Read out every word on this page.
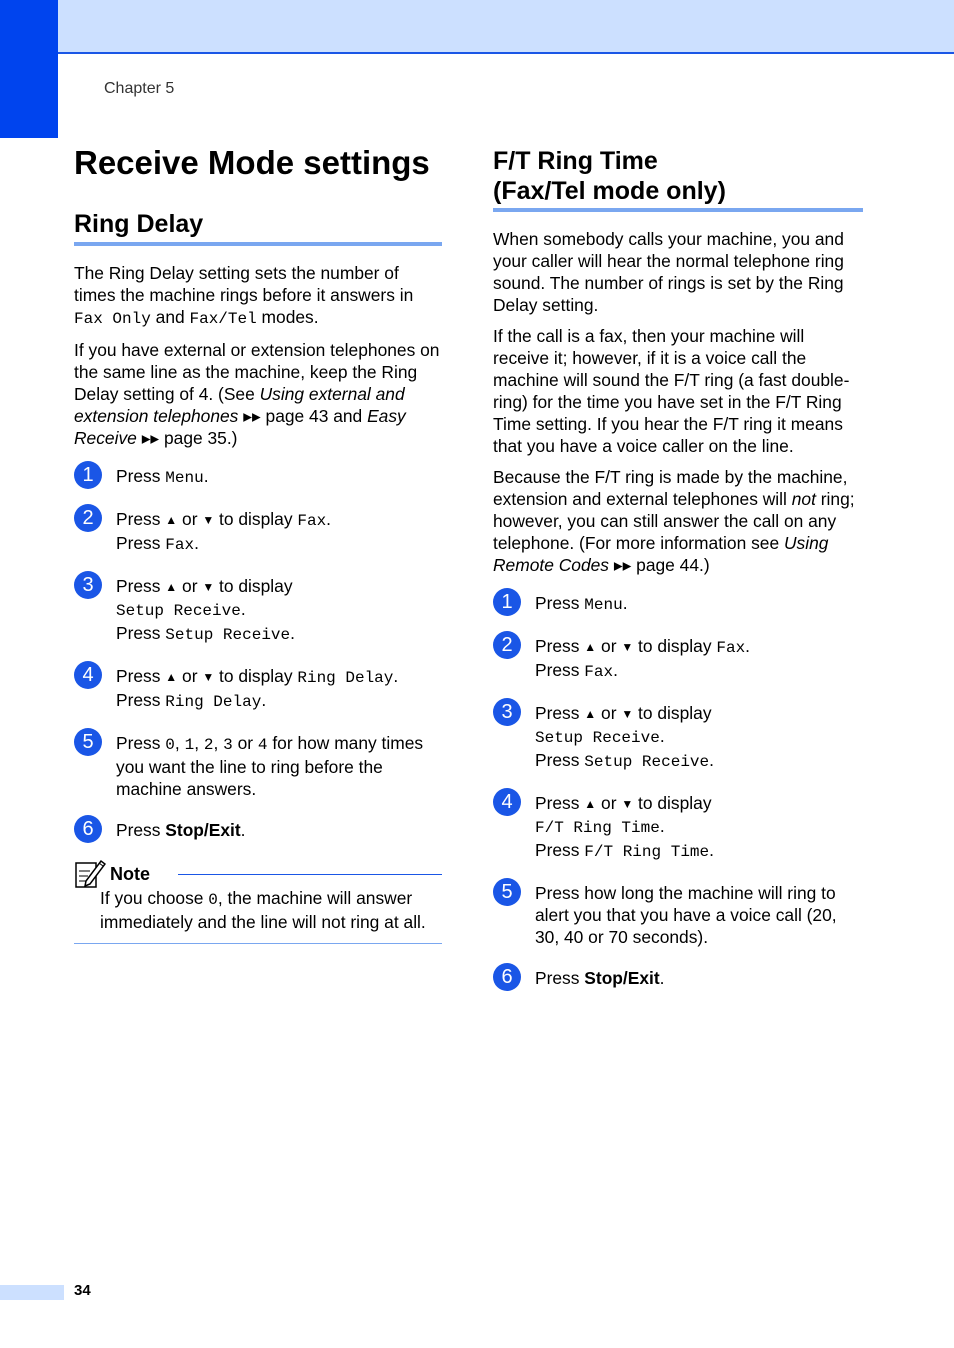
Chapter 5
Receive Mode settings
Ring Delay

The Ring Delay setting sets the number of times the machine rings before it answers in Fax Only and Fax/Tel modes.

If you have external or extension telephones on the same line as the machine, keep the Ring Delay setting of 4. (See Using external and extension telephones ▸▸ page 43 and Easy Receive ▸▸ page 35.)

1	Press Menu.
2	Press ▲ or ▼ to display Fax.
Press Fax.
3	Press ▲ or ▼ to display
Setup Receive.
Press Setup Receive.
4	Press ▲ or ▼ to display Ring Delay.
Press Ring Delay.
5	Press 0, 1, 2, 3 or 4 for how many times you want the line to ring before the machine answers.
6	Press Stop/Exit.
Note
If you choose 0, the machine will answer immediately and the line will not ring at all.
F/T Ring Time
(Fax/Tel mode only)

When somebody calls your machine, you and your caller will hear the normal telephone ring sound. The number of rings is set by the Ring Delay setting.

If the call is a fax, then your machine will receive it; however, if it is a voice call the machine will sound the F/T ring (a fast double-ring) for the time you have set in the F/T Ring Time setting. If you hear the F/T ring it means that you have a voice caller on the line.

Because the F/T ring is made by the machine, extension and external telephones will not ring; however, you can still answer the call on any telephone. (For more information see Using Remote Codes ▸▸ page 44.)

1	Press Menu.
2	Press ▲ or ▼ to display Fax.
Press Fax.
3	Press ▲ or ▼ to display
Setup Receive.
Press Setup Receive.
4	Press ▲ or ▼ to display
F/T Ring Time.
Press F/T Ring Time.
5	Press how long the machine will ring to alert you that you have a voice call (20, 30, 40 or 70 seconds).
6	Press Stop/Exit.
34
